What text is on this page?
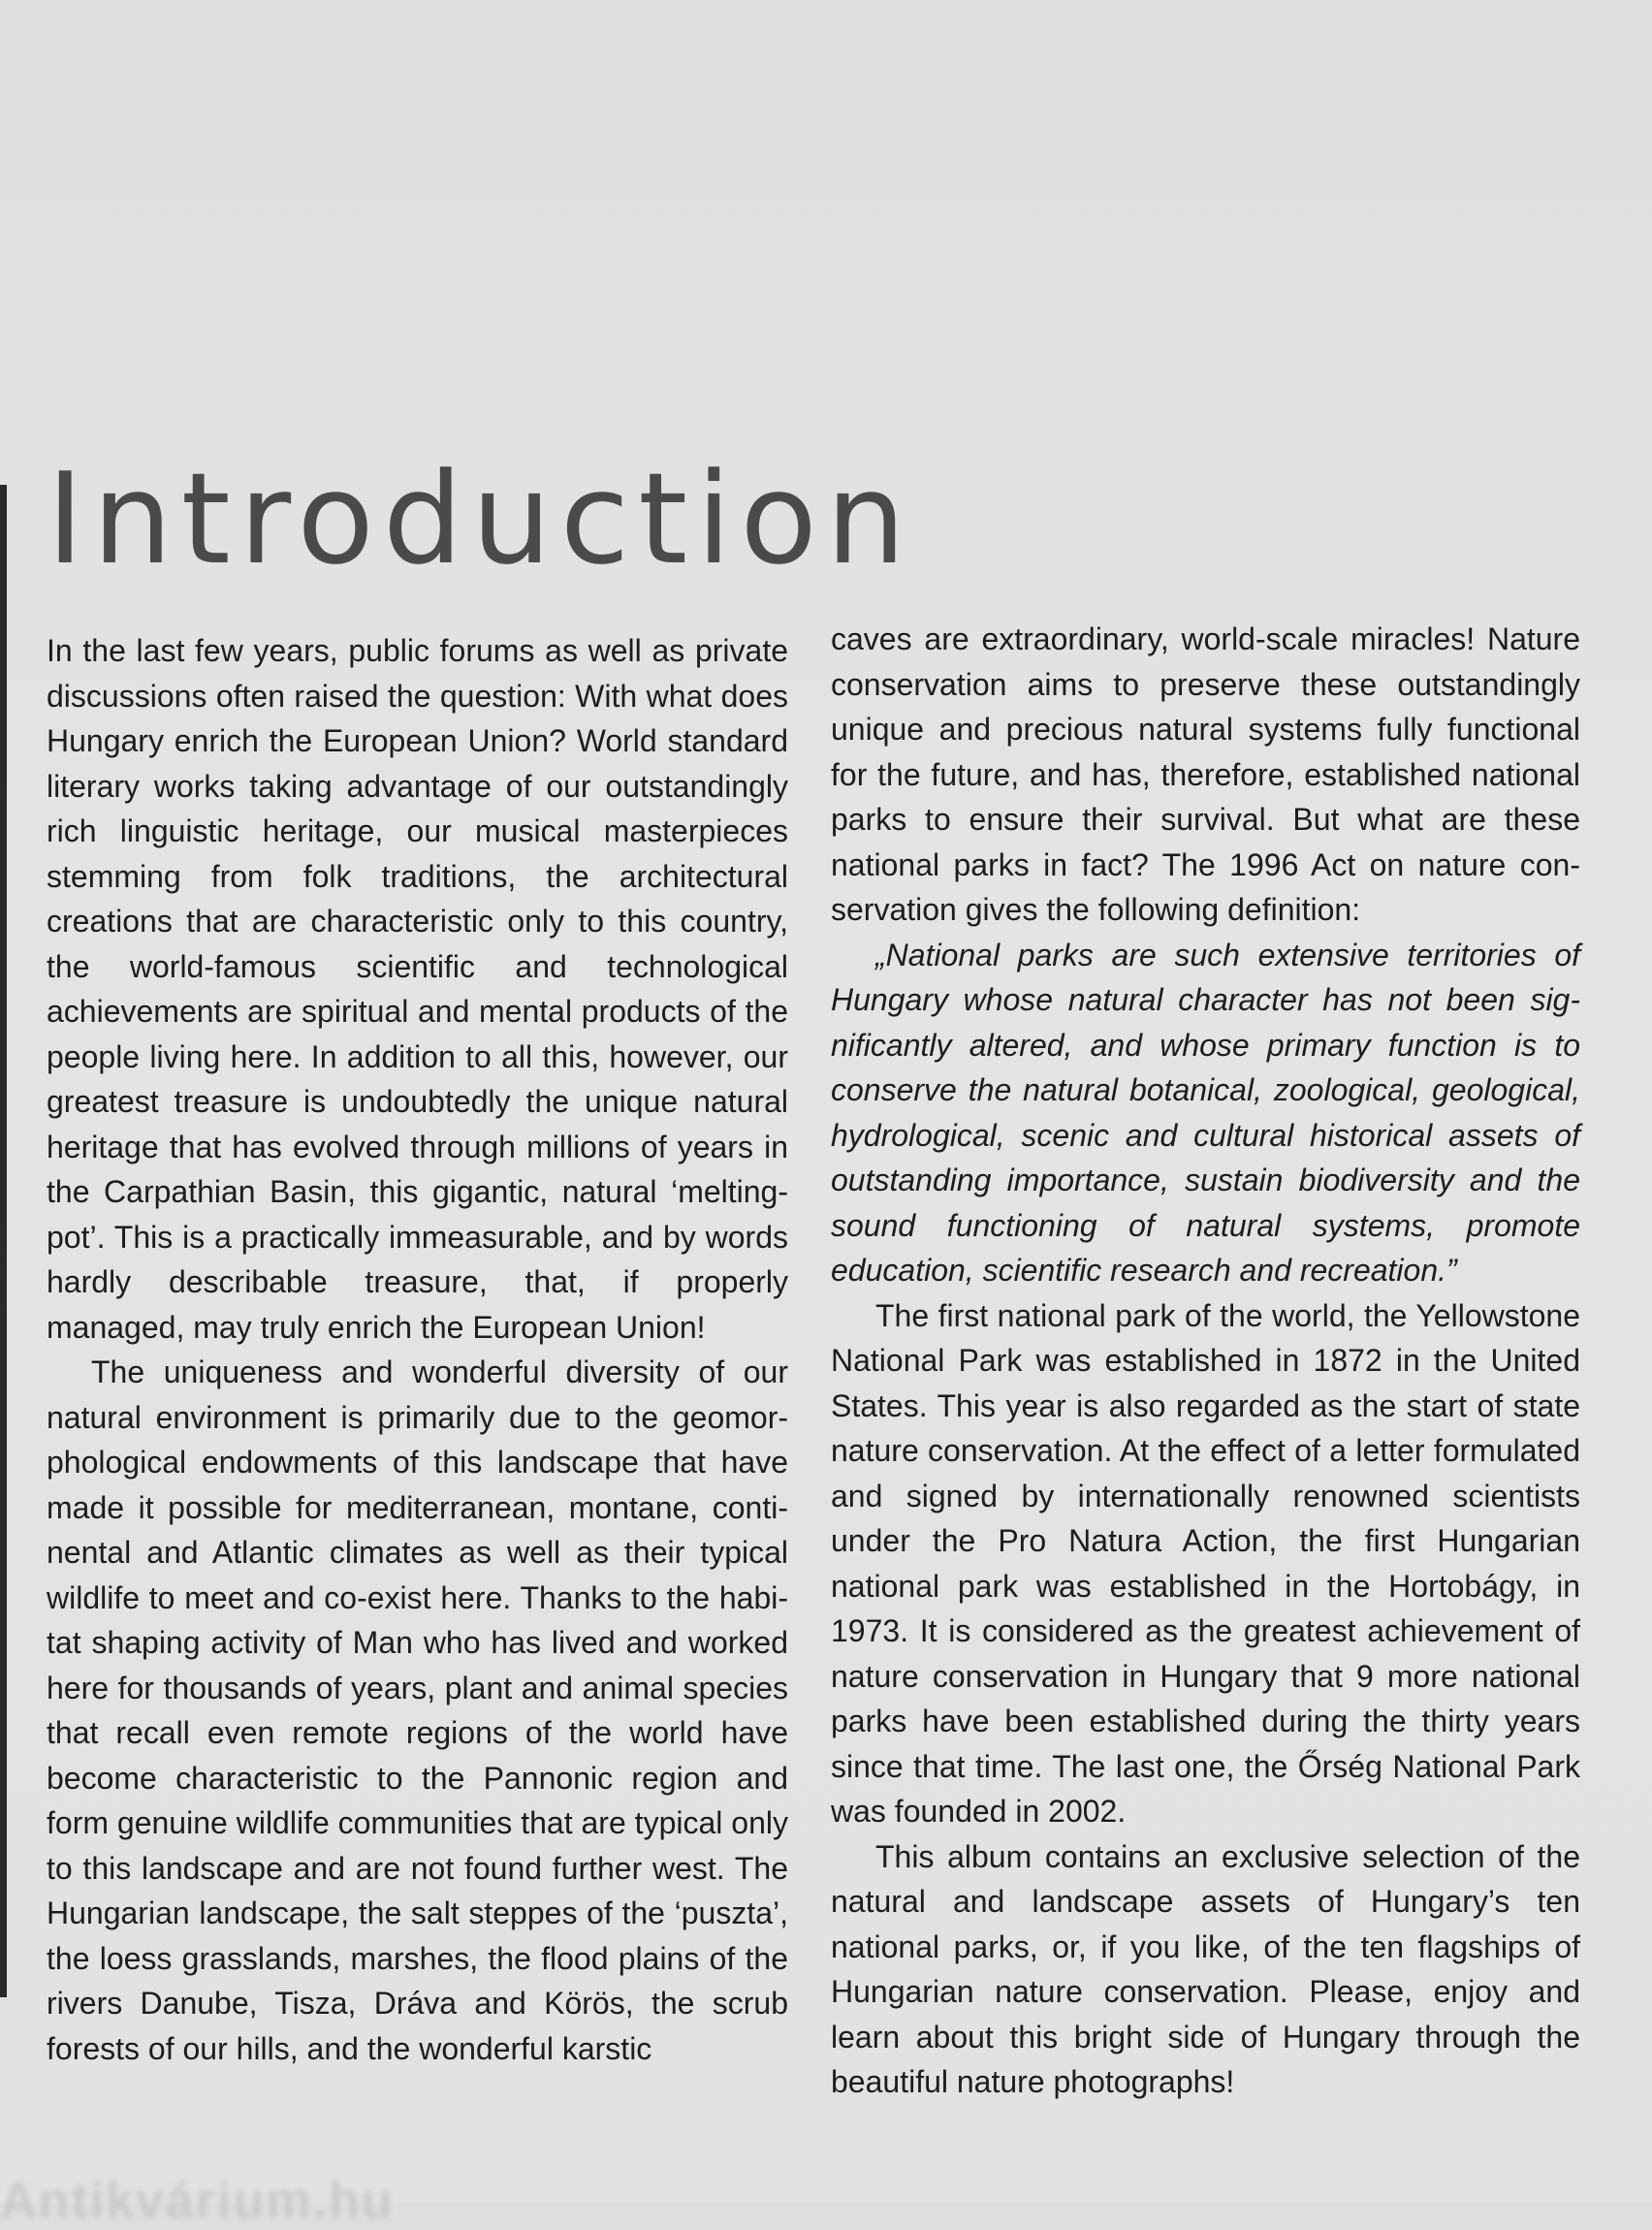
Introduction

In the last few years, public forums as well as private discussions often raised the question: With what does Hungary enrich the European Union? World standard literary works taking advantage of our outstandingly rich linguistic heritage, our musical masterpieces stemming from folk traditions, the architectural creations that are characteristic only to this country, the world-famous scientific and technological achievements are spiritual and mental products of the people living here. In addition to all this, however, our greatest treasure is undoubtedly the unique natural heritage that has evolved through millions of years in the Carpathian Basin, this gigantic, natural ‘melting-pot’. This is a practically immeasurable, and by words hardly describable treasure, that, if properly managed, may truly enrich the European Union!

The uniqueness and wonderful diversity of our natural environment is primarily due to the geomorphological endowments of this landscape that have made it possible for mediterranean, montane, continental and Atlantic climates as well as their typical wildlife to meet and co-exist here. Thanks to the habitat shaping activity of Man who has lived and worked here for thousands of years, plant and animal species that recall even remote regions of the world have become characteristic to the Pannonic region and form genuine wildlife communities that are typical only to this landscape and are not found further west. The Hungarian landscape, the salt steppes of the ‘puszta’, the loess grasslands, marshes, the flood plains of the rivers Danube, Tisza, Dráva and Körös, the scrub forests of our hills, and the wonderful karstic

caves are extraordinary, world-scale miracles! Nature conservation aims to preserve these outstandingly unique and precious natural systems fully functional for the future, and has, therefore, established national parks to ensure their survival. But what are these national parks in fact? The 1996 Act on nature conservation gives the following definition:

„National parks are such extensive territories of Hungary whose natural character has not been significantly altered, and whose primary function is to conserve the natural botanical, zoological, geological, hydrological, scenic and cultural historical assets of outstanding importance, sustain biodiversity and the sound functioning of natural systems, promote education, scientific research and recreation.”

The first national park of the world, the Yellowstone National Park was established in 1872 in the United States. This year is also regarded as the start of state nature conservation. At the effect of a letter formulated and signed by internationally renowned scientists under the Pro Natura Action, the first Hungarian national park was established in the Hortobágy, in 1973. It is considered as the greatest achievement of nature conservation in Hungary that 9 more national parks have been established during the thirty years since that time. The last one, the Őrség National Park was founded in 2002.

This album contains an exclusive selection of the natural and landscape assets of Hungary’s ten national parks, or, if you like, of the ten flagships of Hungarian nature conservation. Please, enjoy and learn about this bright side of Hungary through the beautiful nature photographs!

Antikvárium.hu
